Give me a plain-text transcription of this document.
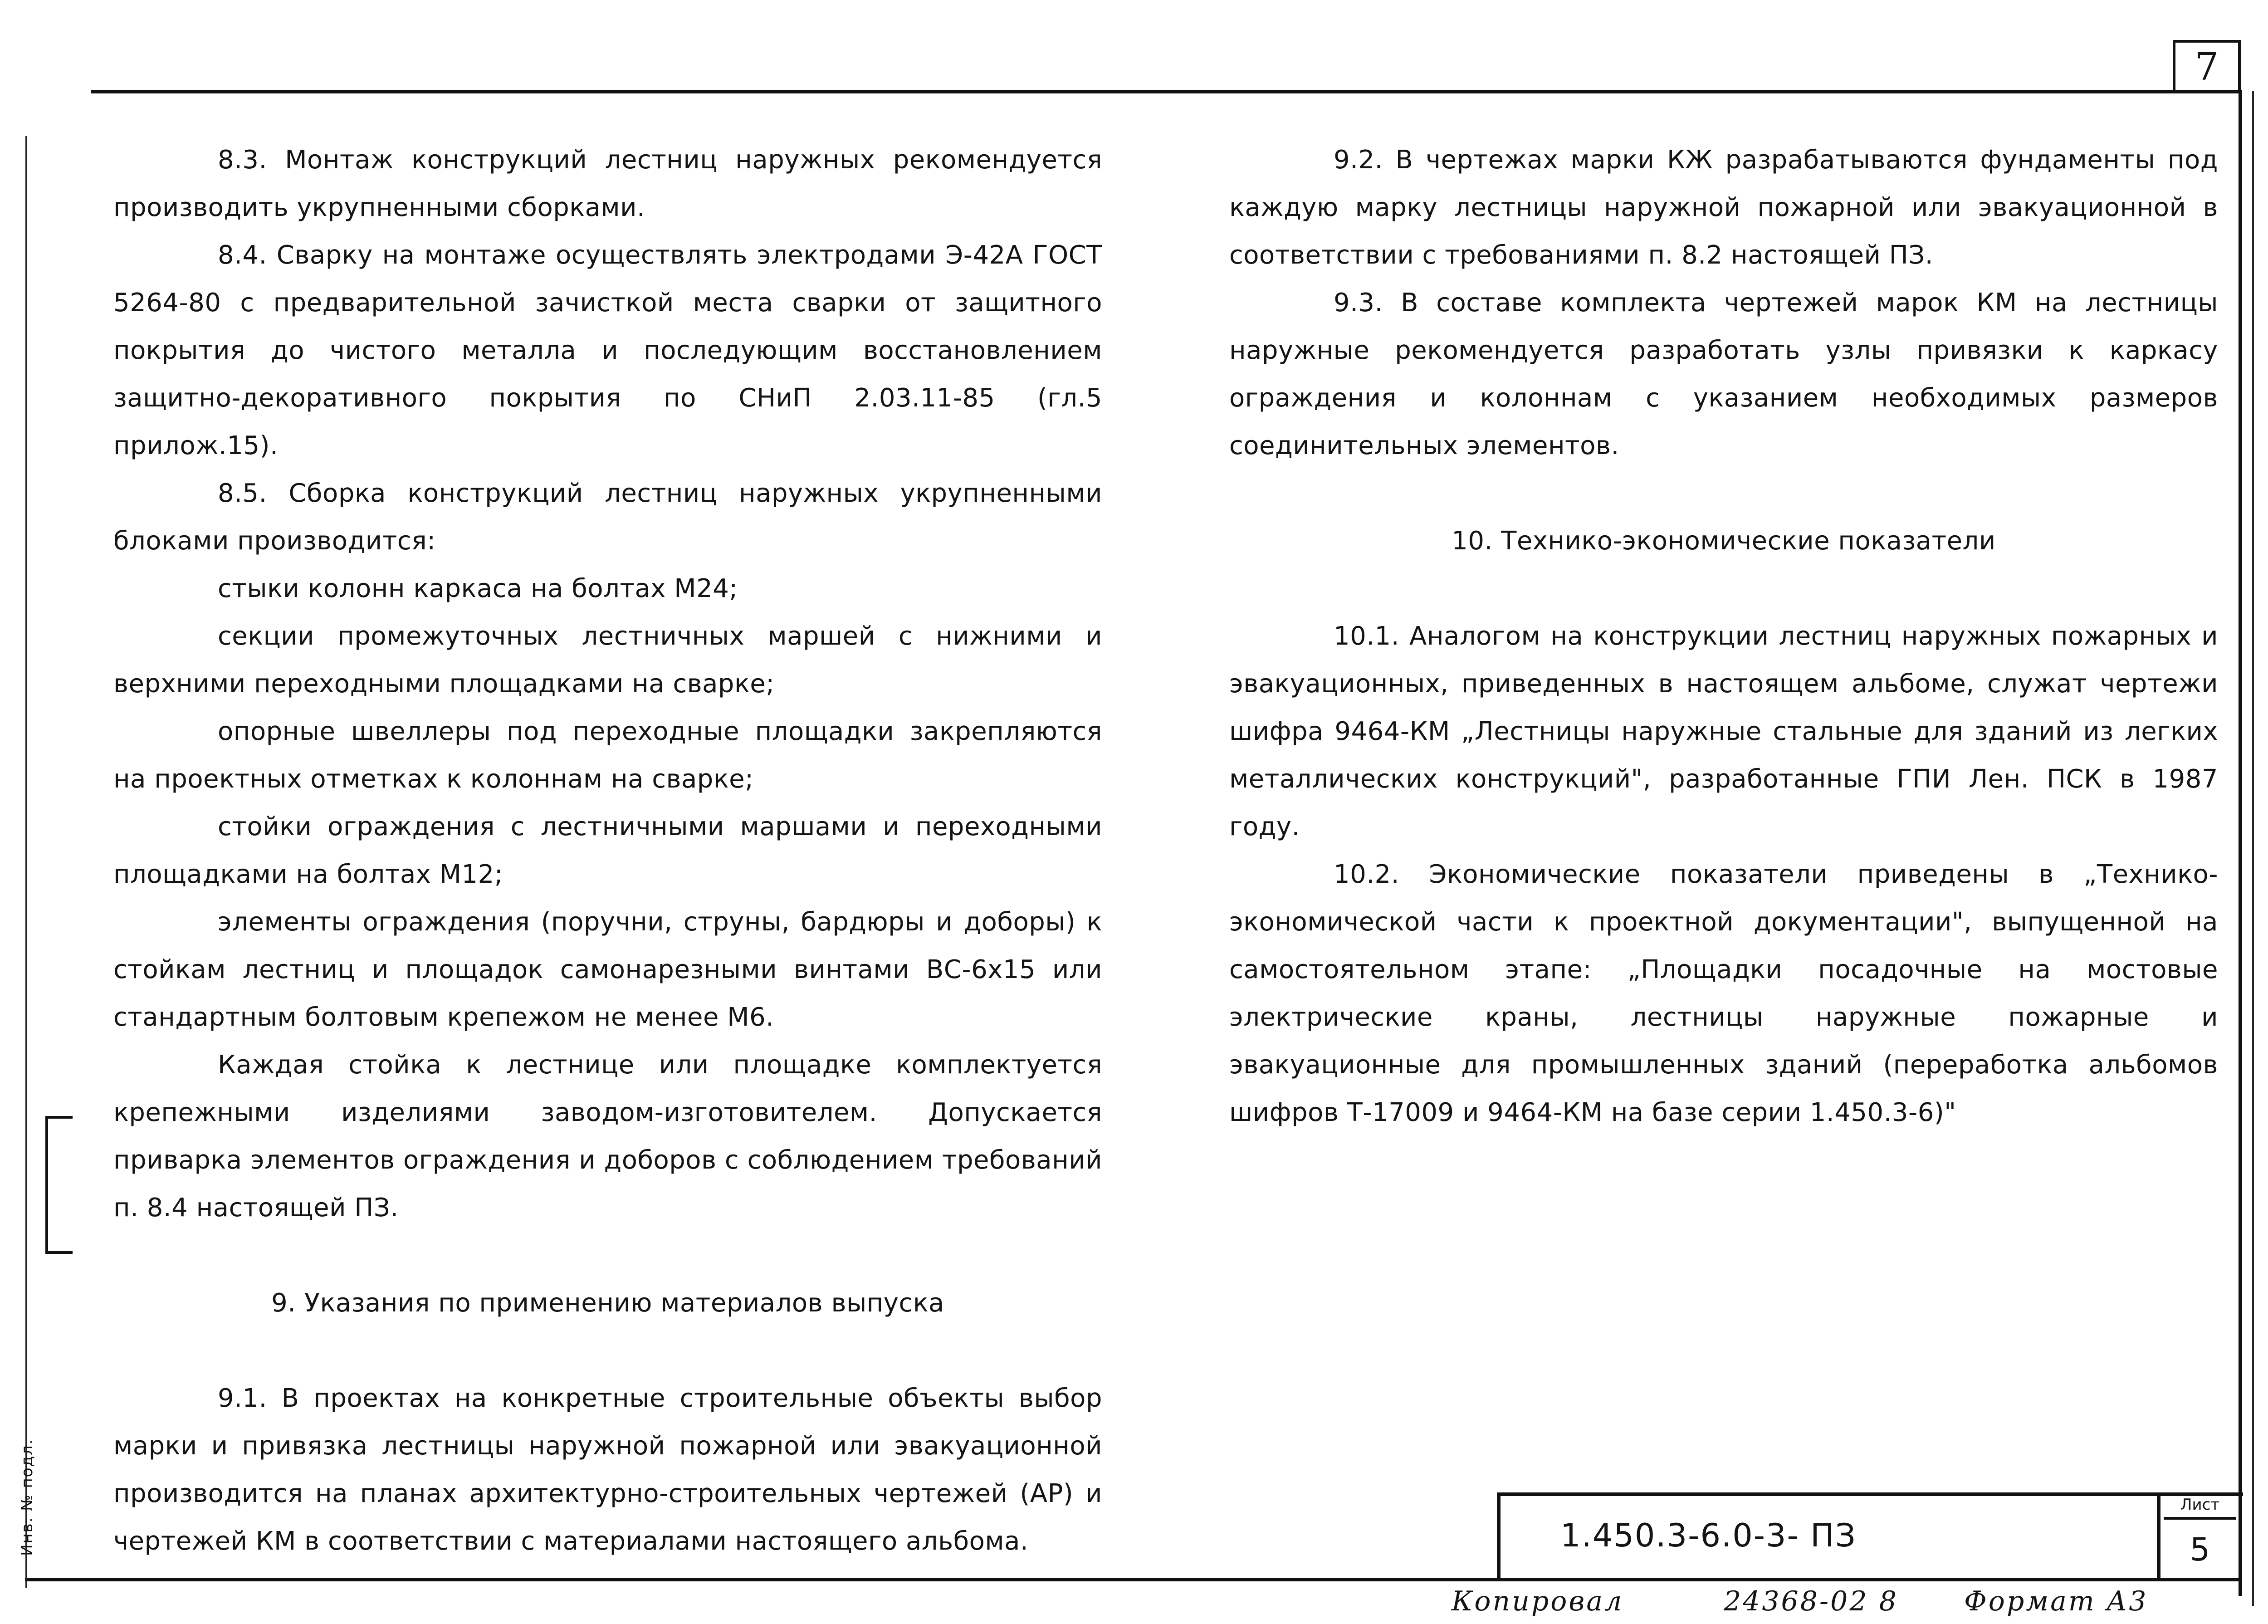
Инв. № подл.
7

8.3. Монтаж конструкций лестниц наружных рекомендуется производить укрупненными сборками.

8.4. Сварку на монтаже осуществлять электродами Э-42А ГОСТ 5264-80 с предварительной зачисткой места сварки от защитного покрытия до чистого металла и последующим восстановлением защитно-декоративного покрытия по СНиП 2.03.11-85 (гл.5 прилож.15).

8.5. Сборка конструкций лестниц наружных укрупненными блоками производится:

стыки колонн каркаса на болтах М24;

секции промежуточных лестничных маршей с нижними и верхними переходными площадками на сварке;

опорные швеллеры под переходные площадки закрепляются на проектных отметках к колоннам на сварке;

стойки ограждения с лестничными маршами и переходными площадками на болтах М12;

элементы ограждения (поручни, струны, бардюры и доборы) к стойкам лестниц и площадок самонарезными винтами ВС-6х15 или стандартным болтовым крепежом не менее М6.

Каждая стойка к лестнице или площадке комплектуется крепежными изделиями заводом-изготовителем. Допускается приварка элементов ограждения и доборов с соблюдением требований п. 8.4 настоящей ПЗ.

9. Указания по применению материалов выпуска

9.1. В проектах на конкретные строительные объекты выбор марки и привязка лестницы наружной пожарной или эвакуационной производится на планах архитектурно-строительных чертежей (АР) и чертежей КМ в соответствии с материалами настоящего альбома.

9.2. В чертежах марки КЖ разрабатываются фундаменты под каждую марку лестницы наружной пожарной или эвакуационной в соответствии с требованиями п. 8.2 настоящей ПЗ.

9.3. В составе комплекта чертежей марок КМ на лестницы наружные рекомендуется разработать узлы привязки к каркасу ограждения и колоннам с указанием необходимых размеров соединительных элементов.

10. Технико-экономические показатели

10.1. Аналогом на конструкции лестниц наружных пожарных и эвакуационных, приведенных в настоящем альбоме, служат чертежи шифра 9464-КМ „Лестницы наружные стальные для зданий из легких металлических конструкций", разработанные ГПИ Лен. ПСК в 1987 году.

10.2. Экономические показатели приведены в „Технико-экономической части к проектной документации", выпущенной на самостоятельном этапе: „Площадки посадочные на мостовые электрические краны, лестницы наружные пожарные и эвакуационные для промышленных зданий (переработка альбомов шифров Т-17009 и 9464-КМ на базе серии 1.450.3-6)"

1.450.3-6.0-3- ПЗ
Лист
5
Копировал	24368-02 8 Формат А3
